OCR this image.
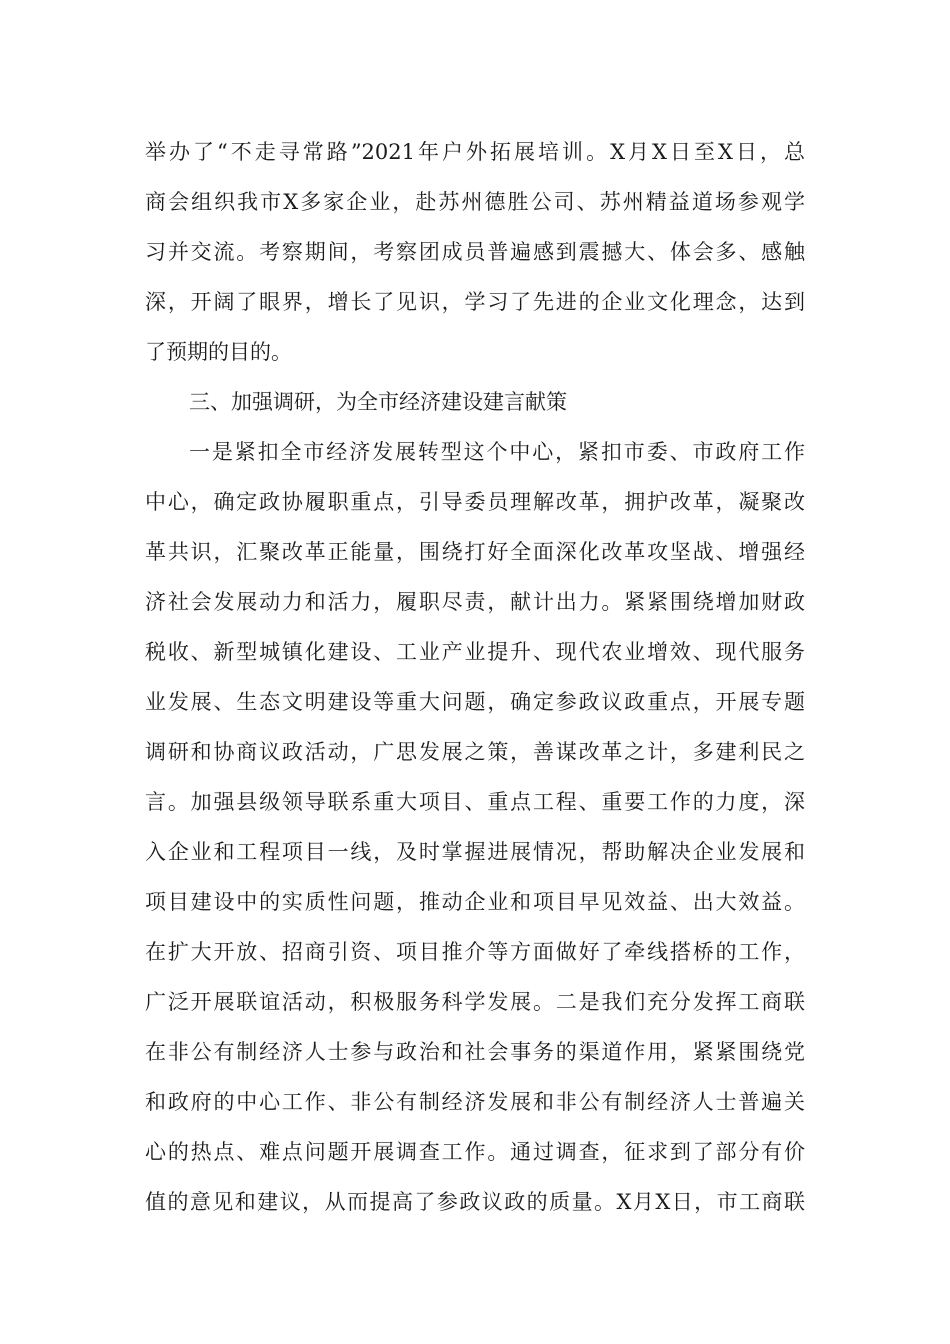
举办了“不走寻常路”2021年户外拓展培训。X月X日至X日，总
商会组织我市X多家企业，赴苏州德胜公司、苏州精益道场参观学
习并交流。考察期间，考察团成员普遍感到震撼大、体会多、感触
深，开阔了眼界，增长了见识，学习了先进的企业文化理念，达到
了预期的目的。
三、加强调研，为全市经济建设建言献策
一是紧扣全市经济发展转型这个中心，紧扣市委、市政府工作
中心，确定政协履职重点，引导委员理解改革，拥护改革，凝聚改
革共识，汇聚改革正能量，围绕打好全面深化改革攻坚战、增强经
济社会发展动力和活力，履职尽责，献计出力。紧紧围绕增加财政
税收、新型城镇化建设、工业产业提升、现代农业增效、现代服务
业发展、生态文明建设等重大问题，确定参政议政重点，开展专题
调研和协商议政活动，广思发展之策，善谋改革之计，多建利民之
言。加强县级领导联系重大项目、重点工程、重要工作的力度，深
入企业和工程项目一线，及时掌握进展情况，帮助解决企业发展和
项目建设中的实质性问题，推动企业和项目早见效益、出大效益。
在扩大开放、招商引资、项目推介等方面做好了牵线搭桥的工作，
广泛开展联谊活动，积极服务科学发展。二是我们充分发挥工商联
在非公有制经济人士参与政治和社会事务的渠道作用，紧紧围绕党
和政府的中心工作、非公有制经济发展和非公有制经济人士普遍关
心的热点、难点问题开展调查工作。通过调查，征求到了部分有价
值的意见和建议，从而提高了参政议政的质量。X月X日，市工商联
